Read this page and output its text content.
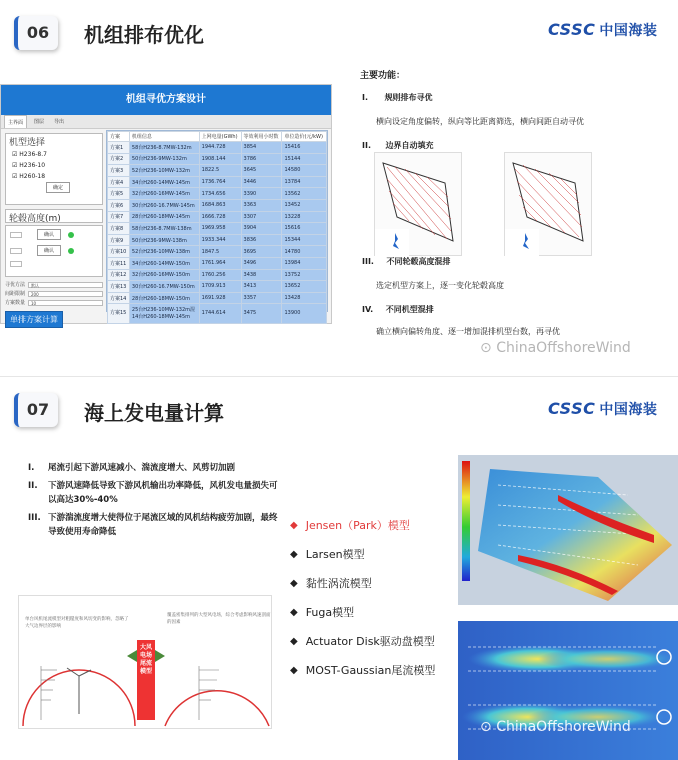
06	机组排布优化	CSSC 中国海装
机组寻优方案设计
主界面	图层	导出
机型选择
☑ H236-8.7
☑ H236-10
☑ H260-18
确定
轮毂高度(m)
确认
确认
寻优方法	默认
间距限制	200
方案数量	10
单排方案计算
方案	机组信息	上网电量(GWh)	等效利用小时数	单位造价(元/kW)
方案1	58台H236-8.7MW-132m	1944.728	3854	15416
方案2	50台H236-9MW-132m	1908.144	3786	15144
方案3	52台H236-10MW-132m	1822.5	3645	14580
方案4	34台H260-14MW-145m	1736.764	3446	13784
方案5	32台H260-16MW-145m	1734.656	3390	13562
方案6	30台H260-16.7MW-145m	1684.863	3363	13452
方案7	28台H260-18MW-145m	1666.728	3307	13228
方案8	58台H236-8.7MW-138m	1969.958	3904	15616
方案9	50台H236-9MW-138m	1933.344	3836	15344
方案10	52台H236-10MW-138m	1847.5	3695	14780
方案11	34台H260-14MW-150m	1761.964	3496	13984
方案12	32台H260-16MW-150m	1760.256	3438	13752
方案13	30台H260-16.7MW-150m	1709.913	3413	13652
方案14	28台H260-18MW-150m	1691.928	3357	13428
方案15	25台H236-10MW-132m混
14台H260-18MW-145m	1744.614	3475	13900
主要功能：
I. 规则排布寻优
横向设定角度偏转，纵向等比距离筛选，横向间距自动寻优
II. 边界自动填充
III. 不同轮毂高度混排
选定机型方案上，逐一变化轮毂高度
IV. 不同机型混排
确立横向偏转角度、逐一增加混排机型台数，再寻优
⊙ ChinaOffshoreWind
07	海上发电量计算	CSSC 中国海装
I.	尾流引起下游风速减小、湍流度增大、风剪切加剧
II.	下游风速降低导致下游风机输出功率降低，风机发电量损失可以高达30%-40%
III. 下游湍流度增大使得位于尾流区域的风机结构疲劳加剧，最终导致使用寿命降低
◆ Jensen（Park）模型
◆ Larsen模型
◆ 黏性涡流模型
◆ Fuga模型
◆ Actuator Disk驱动盘模型
◆ MOST-Gaussian尾流模型
单台风机尾流模型对粗糙度和风切变的影响，忽略了大气边界层的影响
覆盖密集排列的大型风电场，综合考虑影响风速剖面的因素
大风电场尾流模型
⊙ ChinaOffshoreWind
